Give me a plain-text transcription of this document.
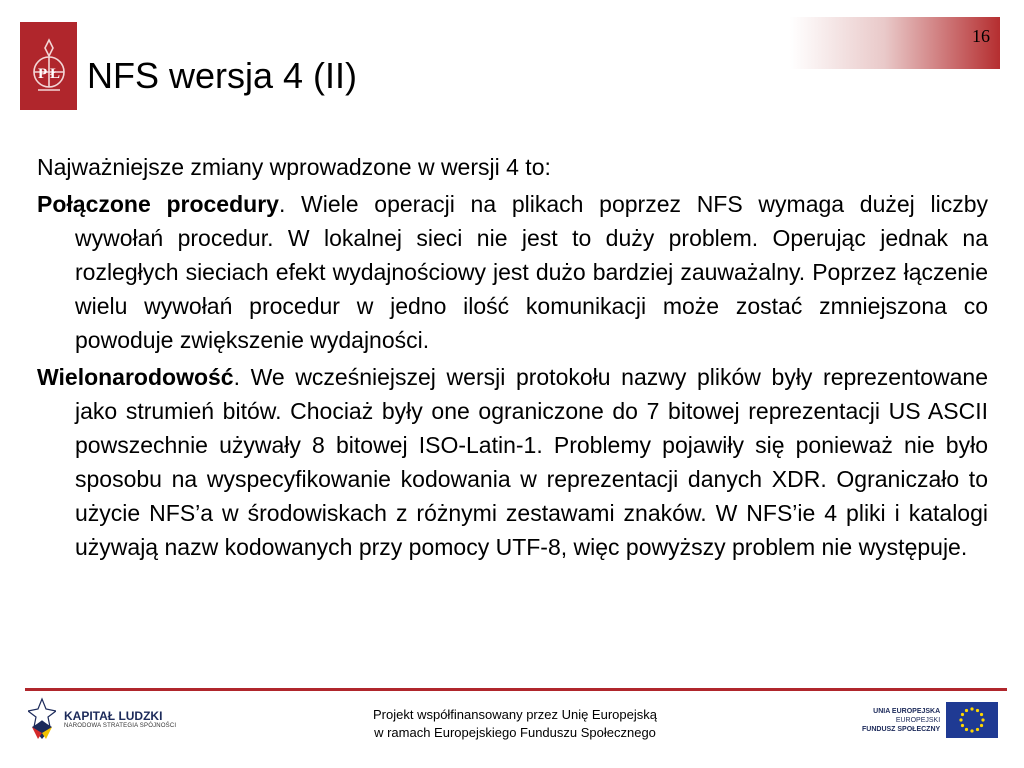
P Ł
16
NFS wersja 4 (II)

Najważniejsze zmiany wprowadzone w wersji 4 to:

Połączone procedury. Wiele operacji na plikach poprzez NFS wymaga dużej liczby wywołań procedur. W lokalnej sieci nie jest to duży problem. Operując jednak na rozległych sieciach efekt wydajnościowy jest dużo bardziej zauważalny. Poprzez łączenie wielu wywołań procedur w jedno ilość komunikacji może zostać zmniejszona co powoduje zwiększenie wydajności.

Wielonarodowość. We wcześniejszej wersji protokołu nazwy plików były reprezentowane jako strumień bitów. Chociaż były one ograniczone do 7 bitowej reprezentacji US ASCII powszechnie używały 8 bitowej ISO-Latin-1. Problemy pojawiły się ponieważ nie było sposobu na wyspecyfikowanie kodowania w reprezentacji danych XDR. Ograniczało to użycie NFS’a w środowiskach z różnymi zestawami znaków. W NFS’ie 4 pliki i katalogi używają nazw kodowanych przy pomocy UTF-8, więc powyższy problem nie występuje.

KAPITAŁ LUDZKI
NARODOWA STRATEGIA SPÓJNOŚCI
Projekt współfinansowany przez Unię Europejską
w ramach Europejskiego Funduszu Społecznego
UNIA EUROPEJSKA
EUROPEJSKI
FUNDUSZ SPOŁECZNY
